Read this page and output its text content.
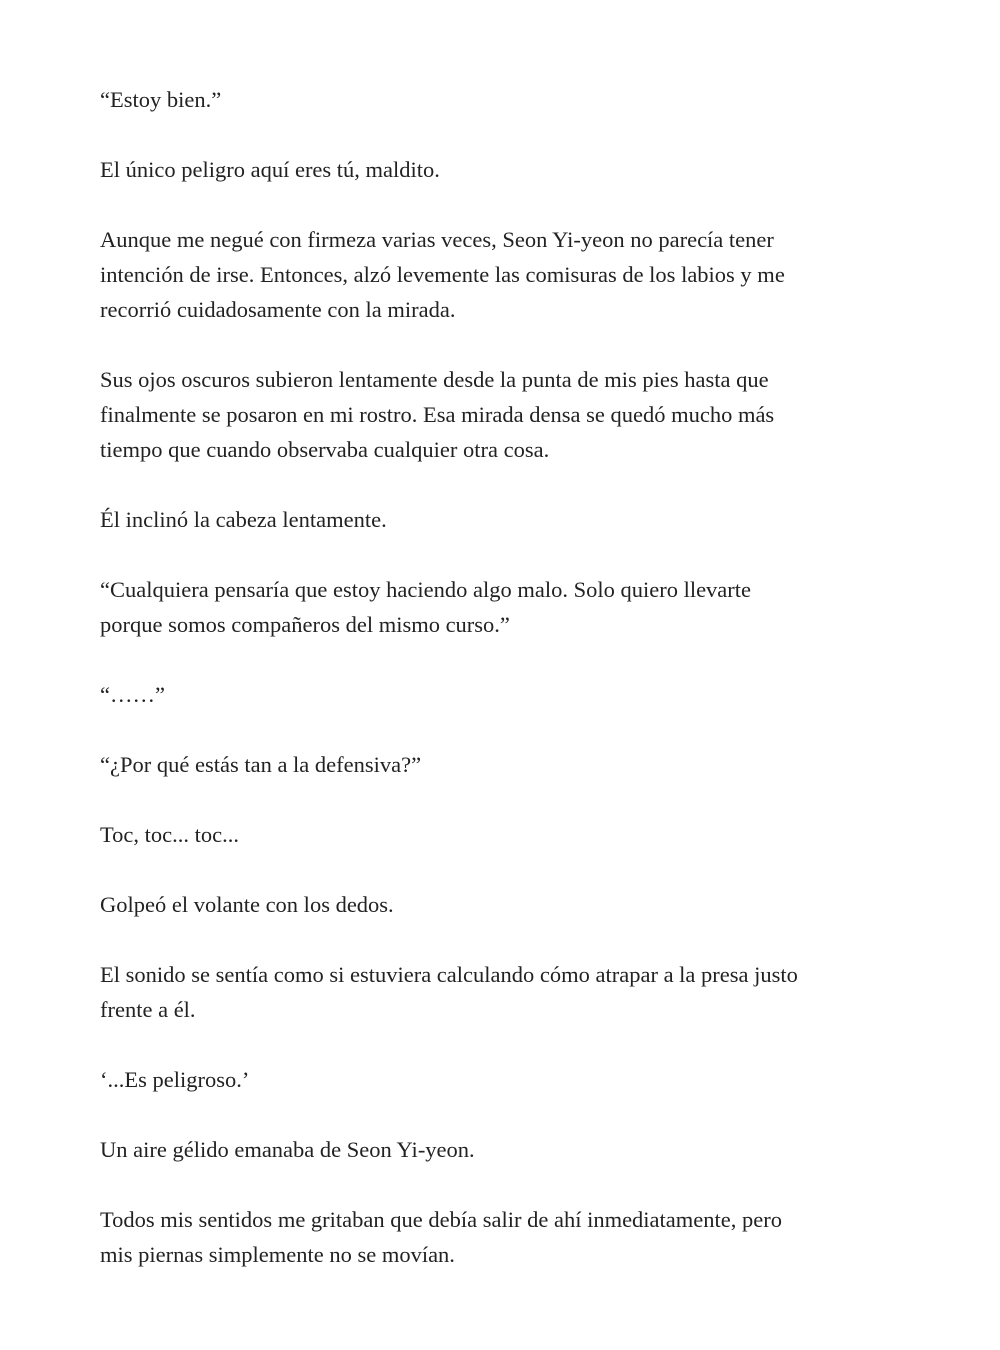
“Estoy bien.”

El único peligro aquí eres tú, maldito.

Aunque me negué con firmeza varias veces, Seon Yi-yeon no parecía tener
intención de irse. Entonces, alzó levemente las comisuras de los labios y me
recorrió cuidadosamente con la mirada.

Sus ojos oscuros subieron lentamente desde la punta de mis pies hasta que
finalmente se posaron en mi rostro. Esa mirada densa se quedó mucho más
tiempo que cuando observaba cualquier otra cosa.

Él inclinó la cabeza lentamente.

“Cualquiera pensaría que estoy haciendo algo malo. Solo quiero llevarte
porque somos compañeros del mismo curso.”

“……”

“¿Por qué estás tan a la defensiva?”

Toc, toc... toc...

Golpeó el volante con los dedos.

El sonido se sentía como si estuviera calculando cómo atrapar a la presa justo
frente a él.

‘...Es peligroso.’

Un aire gélido emanaba de Seon Yi-yeon.

Todos mis sentidos me gritaban que debía salir de ahí inmediatamente, pero
mis piernas simplemente no se movían.
